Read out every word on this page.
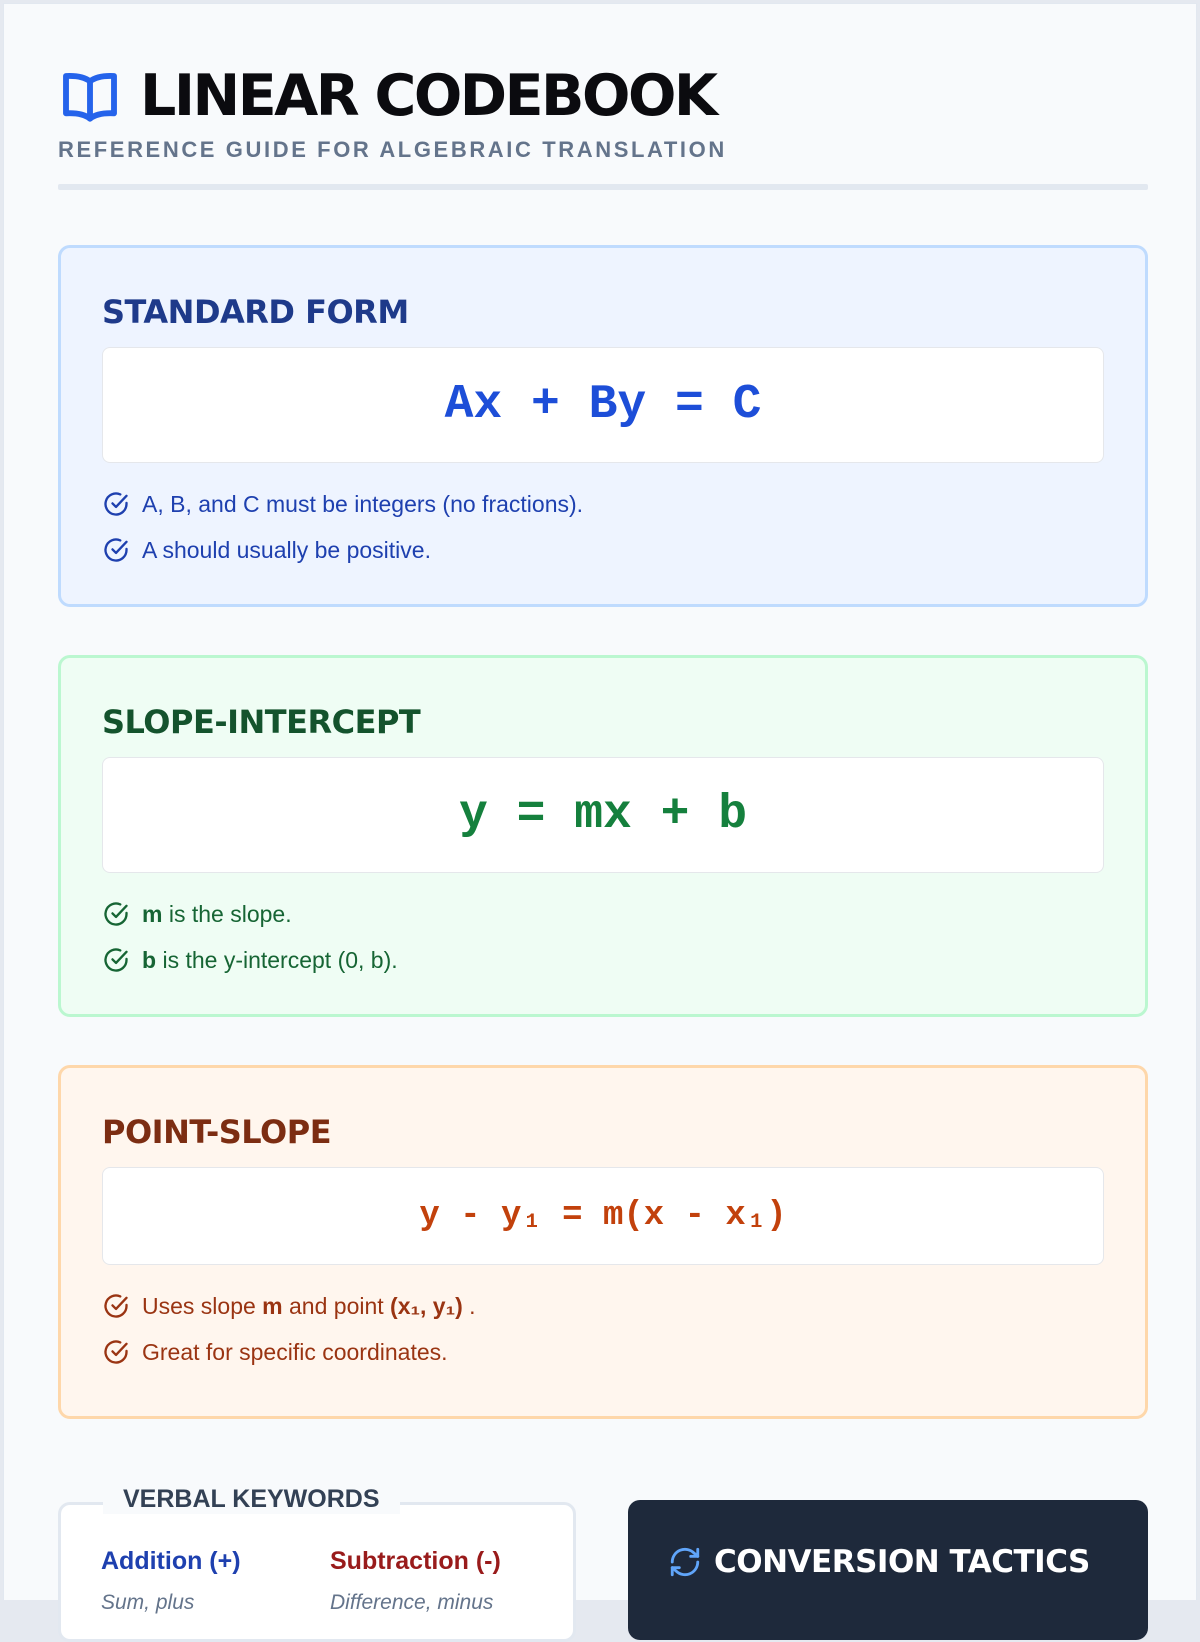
LINEAR CODEBOOK
REFERENCE GUIDE FOR ALGEBRAIC TRANSLATION
STANDARD FORM
Ax + By = C
A, B, and C must be integers (no fractions).
A should usually be positive.
SLOPE-INTERCEPT
y = mx + b
m is the slope.
b is the y-intercept (0, b).
POINT-SLOPE
y - y₁ = m(x - x₁)
Uses slope m and point (x₁, y₁) .
Great for specific coordinates.
VERBAL KEYWORDS
Addition (+)	Subtraction (-)
Sum, plus	Difference, minus
CONVERSION TACTICS
